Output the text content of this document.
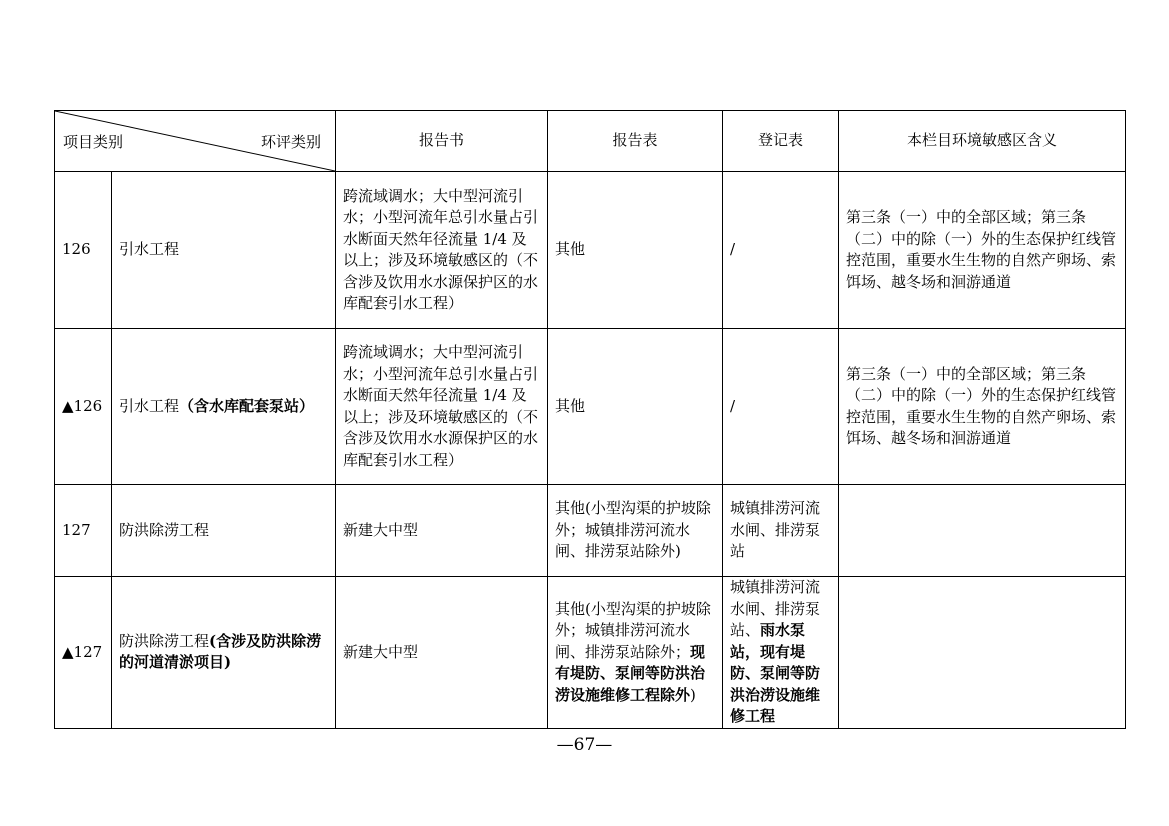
项目类别 环评类别		报告书	报告表	登记表	本栏目环境敏感区含义
126	引水工程	跨流域调水；大中型河流引水；小型河流年总引水量占引水断面天然年径流量 1/4 及以上；涉及环境敏感区的（不含涉及饮用水水源保护区的水库配套引水工程）	其他	/	第三条（一）中的全部区域；第三条（二）中的除（一）外的生态保护红线管控范围，重要水生生物的自然产卵场、索饵场、越冬场和洄游通道
▲126	引水工程（含水库配套泵站）	跨流域调水；大中型河流引水；小型河流年总引水量占引水断面天然年径流量 1/4 及以上；涉及环境敏感区的（不含涉及饮用水水源保护区的水库配套引水工程）	其他	/	第三条（一）中的全部区域；第三条（二）中的除（一）外的生态保护红线管控范围，重要水生生物的自然产卵场、索饵场、越冬场和洄游通道
127	防洪除涝工程	新建大中型	其他(小型沟渠的护坡除外；城镇排涝河流水闸、排涝泵站除外)	城镇排涝河流水闸、排涝泵站	
▲127	防洪除涝工程(含涉及防洪除涝的河道清淤项目)	新建大中型	其他(小型沟渠的护坡除外；城镇排涝河流水闸、排涝泵站除外；现有堤防、泵闸等防洪治涝设施维修工程除外)	城镇排涝河流水闸、排涝泵站、雨水泵站，现有堤防、泵闸等防洪治涝设施维修工程	
—67—
